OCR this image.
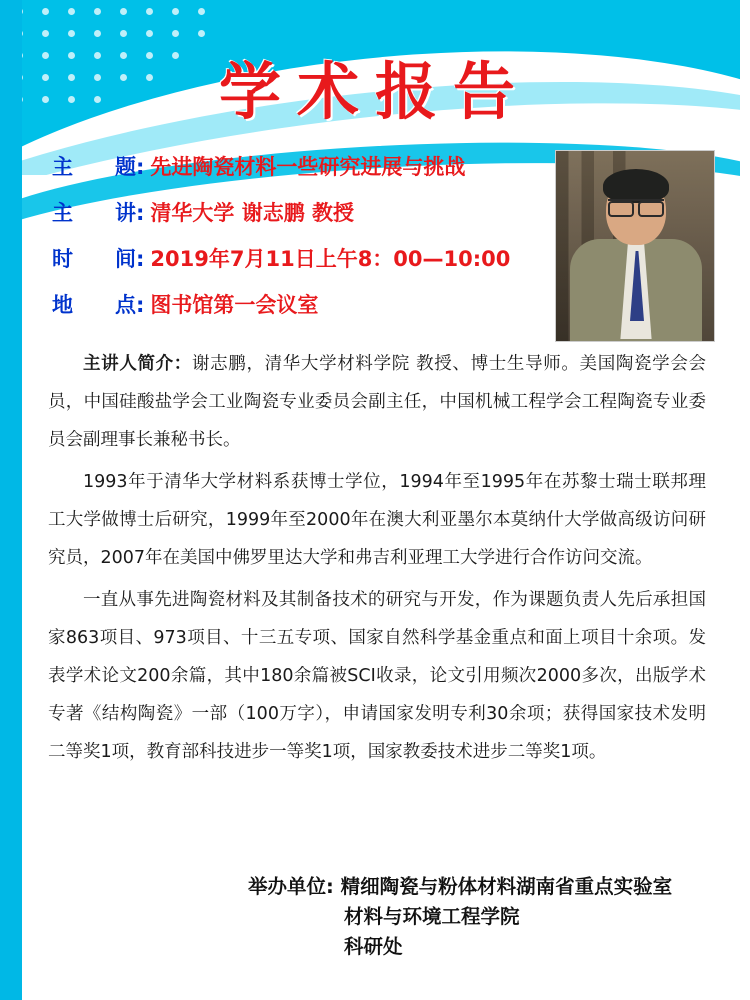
学术报告
主　　题: 先进陶瓷材料一些研究进展与挑战
主　　讲: 清华大学 谢志鹏 教授
时　　间: 2019年7月11日上午8：00—10:00
地　　点: 图书馆第一会议室

主讲人简介：谢志鹏，清华大学材料学院 教授、博士生导师。美国陶瓷学会会员，中国硅酸盐学会工业陶瓷专业委员会副主任，中国机械工程学会工程陶瓷专业委员会副理事长兼秘书长。

1993年于清华大学材料系获博士学位，1994年至1995年在苏黎士瑞士联邦理工大学做博士后研究，1999年至2000年在澳大利亚墨尔本莫纳什大学做高级访问研究员，2007年在美国中佛罗里达大学和弗吉利亚理工大学进行合作访问交流。

一直从事先进陶瓷材料及其制备技术的研究与开发，作为课题负责人先后承担国家863项目、973项目、十三五专项、国家自然科学基金重点和面上项目十余项。发表学术论文200余篇，其中180余篇被SCI收录，论文引用频次2000多次，出版学术专著《结构陶瓷》一部（100万字），申请国家发明专利30余项；获得国家技术发明二等奖1项，教育部科技进步一等奖1项，国家教委技术进步二等奖1项。

举办单位: 精细陶瓷与粉体材料湖南省重点实验室
材料与环境工程学院
科研处
